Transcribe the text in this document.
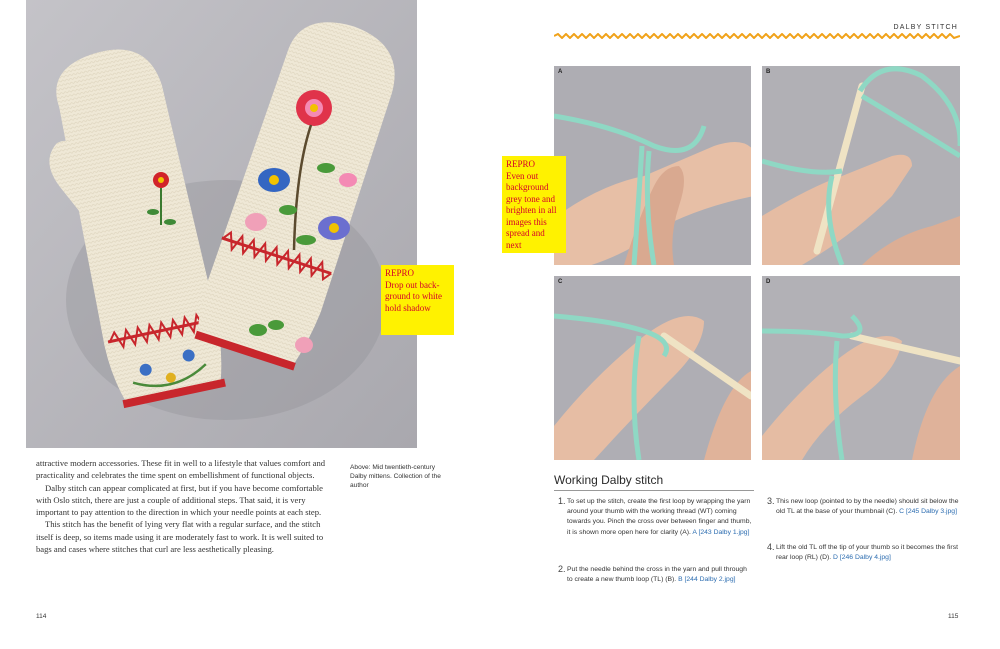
REPRO
Drop out back-ground to white hold shadow

attractive modern accessories. These fit in well to a lifestyle that values comfort and practicality and celebrates the time spent on embellishment of functional objects.

Dalby stitch can appear complicated at first, but if you have become comfortable with Oslo stitch, there are just a couple of additional steps. That said, it is very important to pay attention to the direction in which your needle points at each step.

This stitch has the benefit of lying very flat with a regular surface, and the stitch itself is deep, so items made using it are moderately fast to work. It is well suited to bags and cases where stitches that curl are less aesthetically pleasing.

Above: Mid twentieth-century Dalby mittens. Collection of the author
114
DALBY STITCH
A	B
C	D
REPRO
Even out background grey tone and brighten in all images this spread and next
Working Dalby stitch
1. To set up the stitch, create the first loop by wrapping the yarn around your thumb with the working thread (WT) coming towards you. Pinch the cross over between finger and thumb, it is shown more open here for clarity (A). A [243 Dalby 1.jpg]
2. Put the needle behind the cross in the yarn and pull through to create a new thumb loop (TL) (B). B [244 Dalby 2.jpg]
3. This new loop (pointed to by the needle) should sit below the old TL at the base of your thumbnail (C). C [245 Dalby 3.jpg]
4. Lift the old TL off the tip of your thumb so it becomes the first rear loop (RL) (D). D [246 Dalby 4.jpg]
115
